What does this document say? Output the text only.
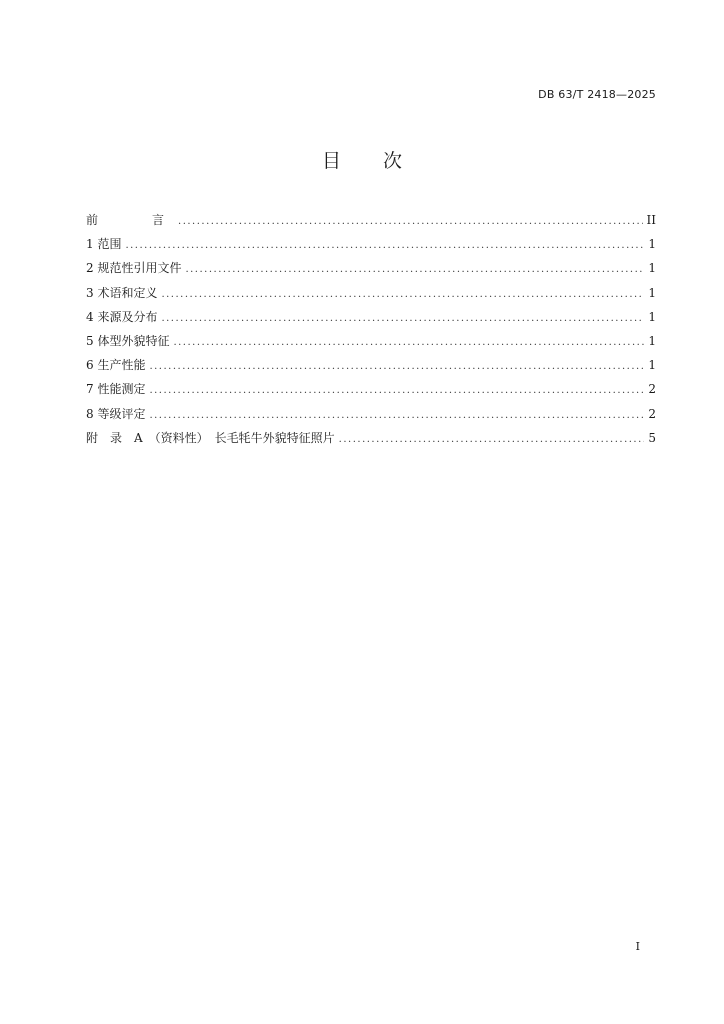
DB 63/T 2418—2025
目 次
前　　言 .....	II
1 范围 .....	1
2 规范性引用文件 .....	1
3 术语和定义 .....	1
4 来源及分布 .....	1
5 体型外貌特征 .....	1
6 生产性能 .....	1
7 性能测定 .....	2
8 等级评定 .....	2
附　录　A　（资料性）　长毛牦牛外貌特征照片 .....	5
I
